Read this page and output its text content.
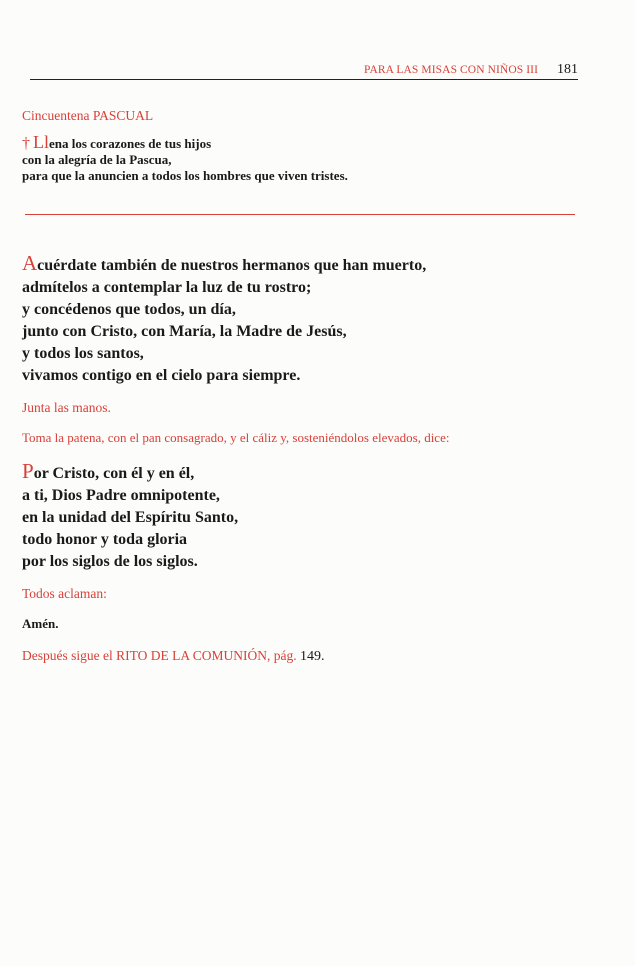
PARA LAS MISAS CON NIÑOS III 181
Cincuentena PASCUAL
† Llena los corazones de tus hijos
con la alegría de la Pascua,
para que la anuncien a todos los hombres que viven tristes.
Acuérdate también de nuestros hermanos que han muerto,
admítelos a contemplar la luz de tu rostro;
y concédenos que todos, un día,
junto con Cristo, con María, la Madre de Jesús,
y todos los santos,
vivamos contigo en el cielo para siempre.
Junta las manos.
Toma la patena, con el pan consagrado, y el cáliz y, sosteniéndolos elevados, dice:
Por Cristo, con él y en él,
a ti, Dios Padre omnipotente,
en la unidad del Espíritu Santo,
todo honor y toda gloria
por los siglos de los siglos.
Todos aclaman:
Amén.
Después sigue el RITO DE LA COMUNIÓN, pág. 149.
